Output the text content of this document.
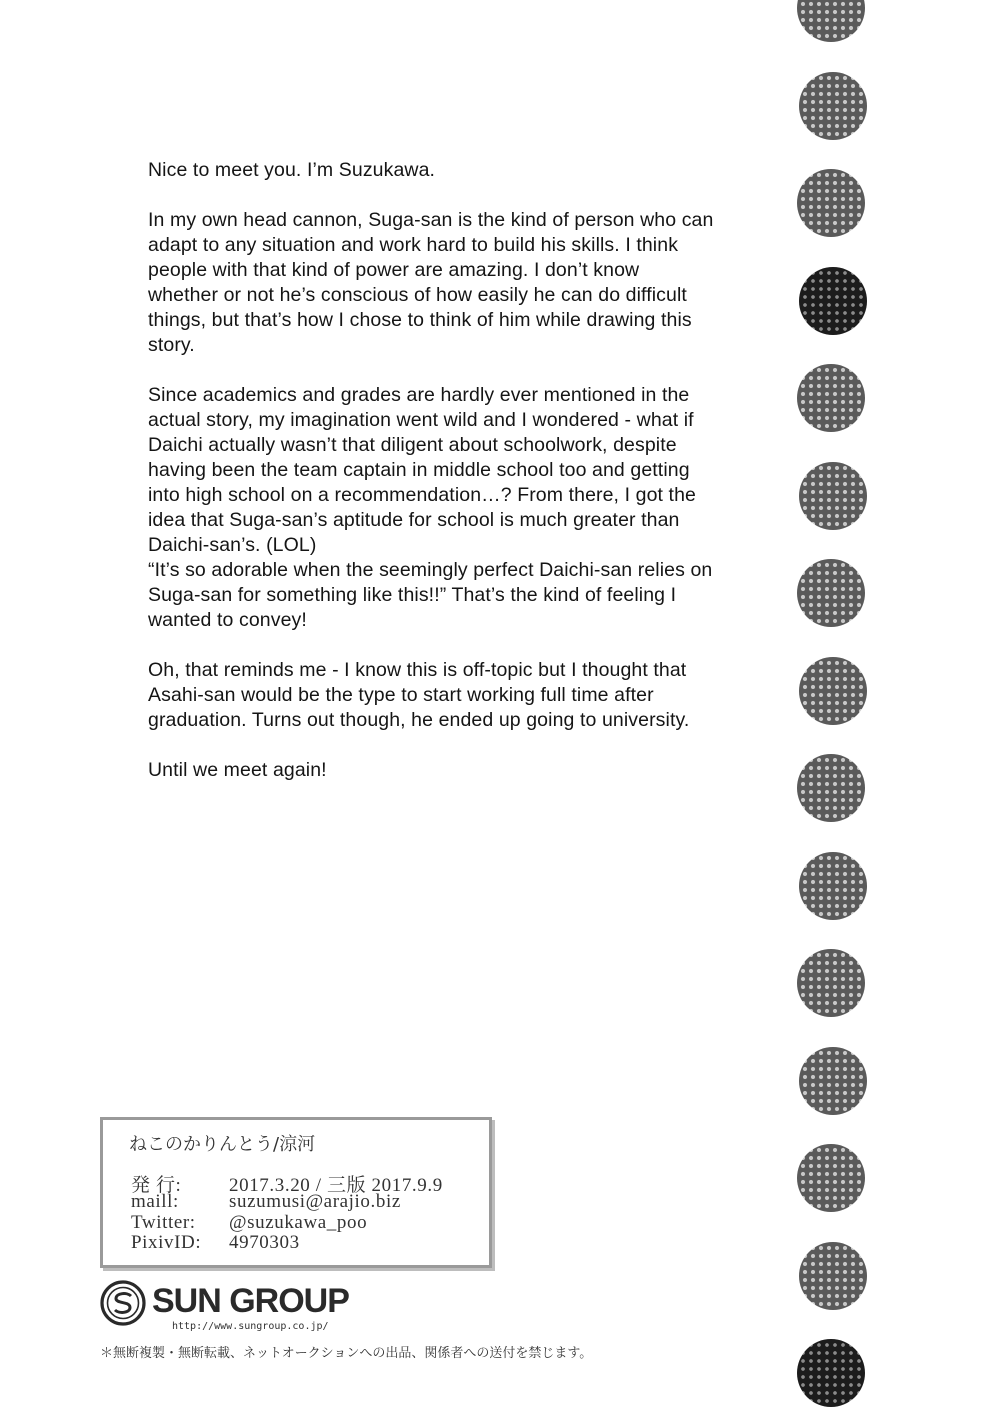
Nice to meet you. I’m Suzukawa.

In my own head cannon, Suga-san is the kind of person who can
adapt to any situation and work hard to build his skills. I think
people with that kind of power are amazing. I don’t know
whether or not he’s conscious of how easily he can do difficult
things, but that’s how I chose to think of him while drawing this
story.

Since academics and grades are hardly ever mentioned in the
actual story, my imagination went wild and I wondered - what if
Daichi actually wasn’t that diligent about schoolwork, despite
having been the team captain in middle school too and getting
into high school on a recommendation…? From there, I got the
idea that Suga-san’s aptitude for school is much greater than
Daichi-san’s. (LOL)
“It’s so adorable when the seemingly perfect Daichi-san relies on
Suga-san for something like this!!” That’s the kind of feeling I
wanted to convey!

Oh, that reminds me - I know this is off-topic but I thought that
Asahi-san would be the type to start working full time after
graduation. Turns out though, he ended up going to university.

Until we meet again!

ねこのかりんとう/涼河
発 行:	2017.3.20 / 三版 2017.9.9
maill:	suzumusi@arajio.biz
Twitter: @suzukawa_poo
PixivID: 4970303
SUN GROUP
http://www.sungroup.co.jp/
＊無断複製・無断転載、ネットオークションへの出品、関係者への送付を禁じます。
